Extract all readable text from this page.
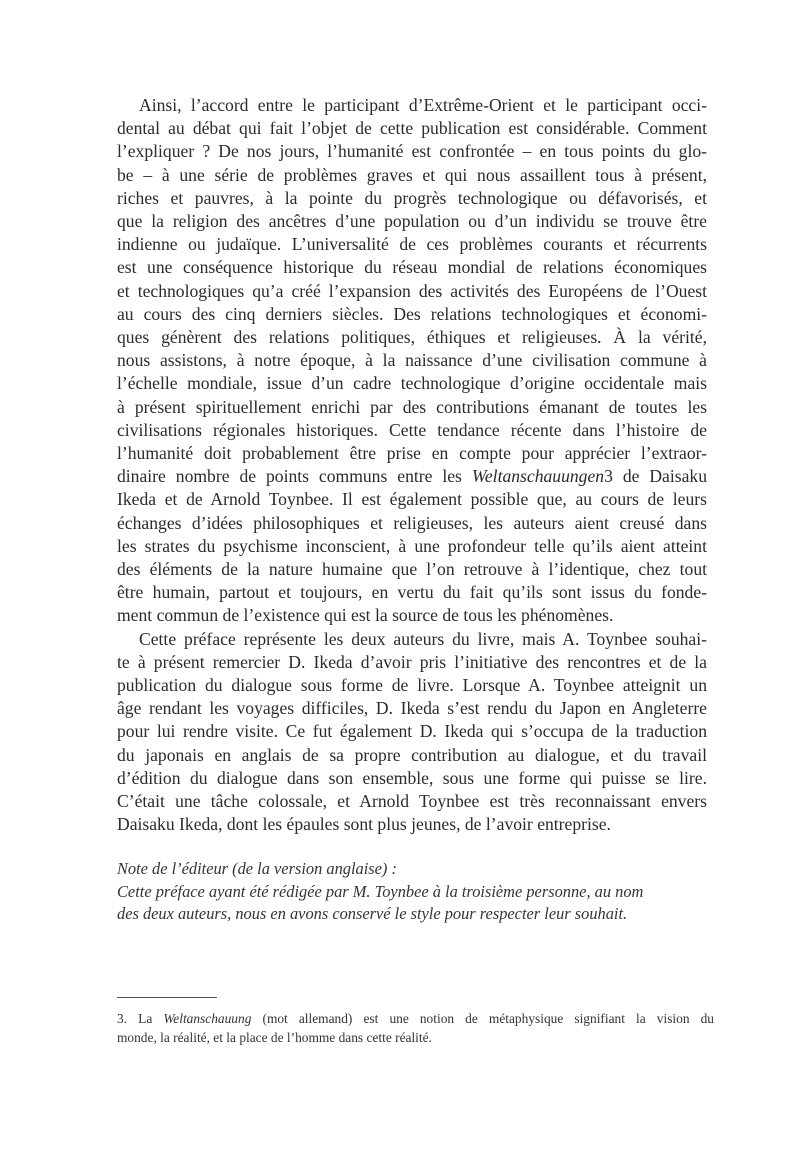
Ainsi, l’accord entre le participant d’Extrême-Orient et le participant occi-
dental au débat qui fait l’objet de cette publication est considérable. Comment
l’expliquer ? De nos jours, l’humanité est confrontée – en tous points du glo-
be – à une série de problèmes graves et qui nous assaillent tous à présent,
riches et pauvres, à la pointe du progrès technologique ou défavorisés, et
que la religion des ancêtres d’une population ou d’un individu se trouve être
indienne ou judaïque. L’universalité de ces problèmes courants et récurrents
est une conséquence historique du réseau mondial de relations économiques
et technologiques qu’a créé l’expansion des activités des Européens de l’Ouest
au cours des cinq derniers siècles. Des relations technologiques et économi-
ques génèrent des relations politiques, éthiques et religieuses. À la vérité,
nous assistons, à notre époque, à la naissance d’une civilisation commune à
l’échelle mondiale, issue d’un cadre technologique d’origine occidentale mais
à présent spirituellement enrichi par des contributions émanant de toutes les
civilisations régionales historiques. Cette tendance récente dans l’histoire de
l’humanité doit probablement être prise en compte pour apprécier l’extraor-
dinaire nombre de points communs entre les Weltanschauungen3 de Daisaku
Ikeda et de Arnold Toynbee. Il est également possible que, au cours de leurs
échanges d’idées philosophiques et religieuses, les auteurs aient creusé dans
les strates du psychisme inconscient, à une profondeur telle qu’ils aient atteint
des éléments de la nature humaine que l’on retrouve à l’identique, chez tout
être humain, partout et toujours, en vertu du fait qu’ils sont issus du fonde-
ment commun de l’existence qui est la source de tous les phénomènes.
Cette préface représente les deux auteurs du livre, mais A. Toynbee souhai-
te à présent remercier D. Ikeda d’avoir pris l’initiative des rencontres et de la
publication du dialogue sous forme de livre. Lorsque A. Toynbee atteignit un
âge rendant les voyages difficiles, D. Ikeda s’est rendu du Japon en Angleterre
pour lui rendre visite. Ce fut également D. Ikeda qui s’occupa de la traduction
du japonais en anglais de sa propre contribution au dialogue, et du travail
d’édition du dialogue dans son ensemble, sous une forme qui puisse se lire.
C’était une tâche colossale, et Arnold Toynbee est très reconnaissant envers
Daisaku Ikeda, dont les épaules sont plus jeunes, de l’avoir entreprise.
Note de l’éditeur (de la version anglaise) :
Cette préface ayant été rédigée par M. Toynbee à la troisième personne, au nom
des deux auteurs, nous en avons conservé le style pour respecter leur souhait.
3. La Weltanschauung (mot allemand) est une notion de métaphysique signifiant la vision du
monde, la réalité, et la place de l’homme dans cette réalité.
